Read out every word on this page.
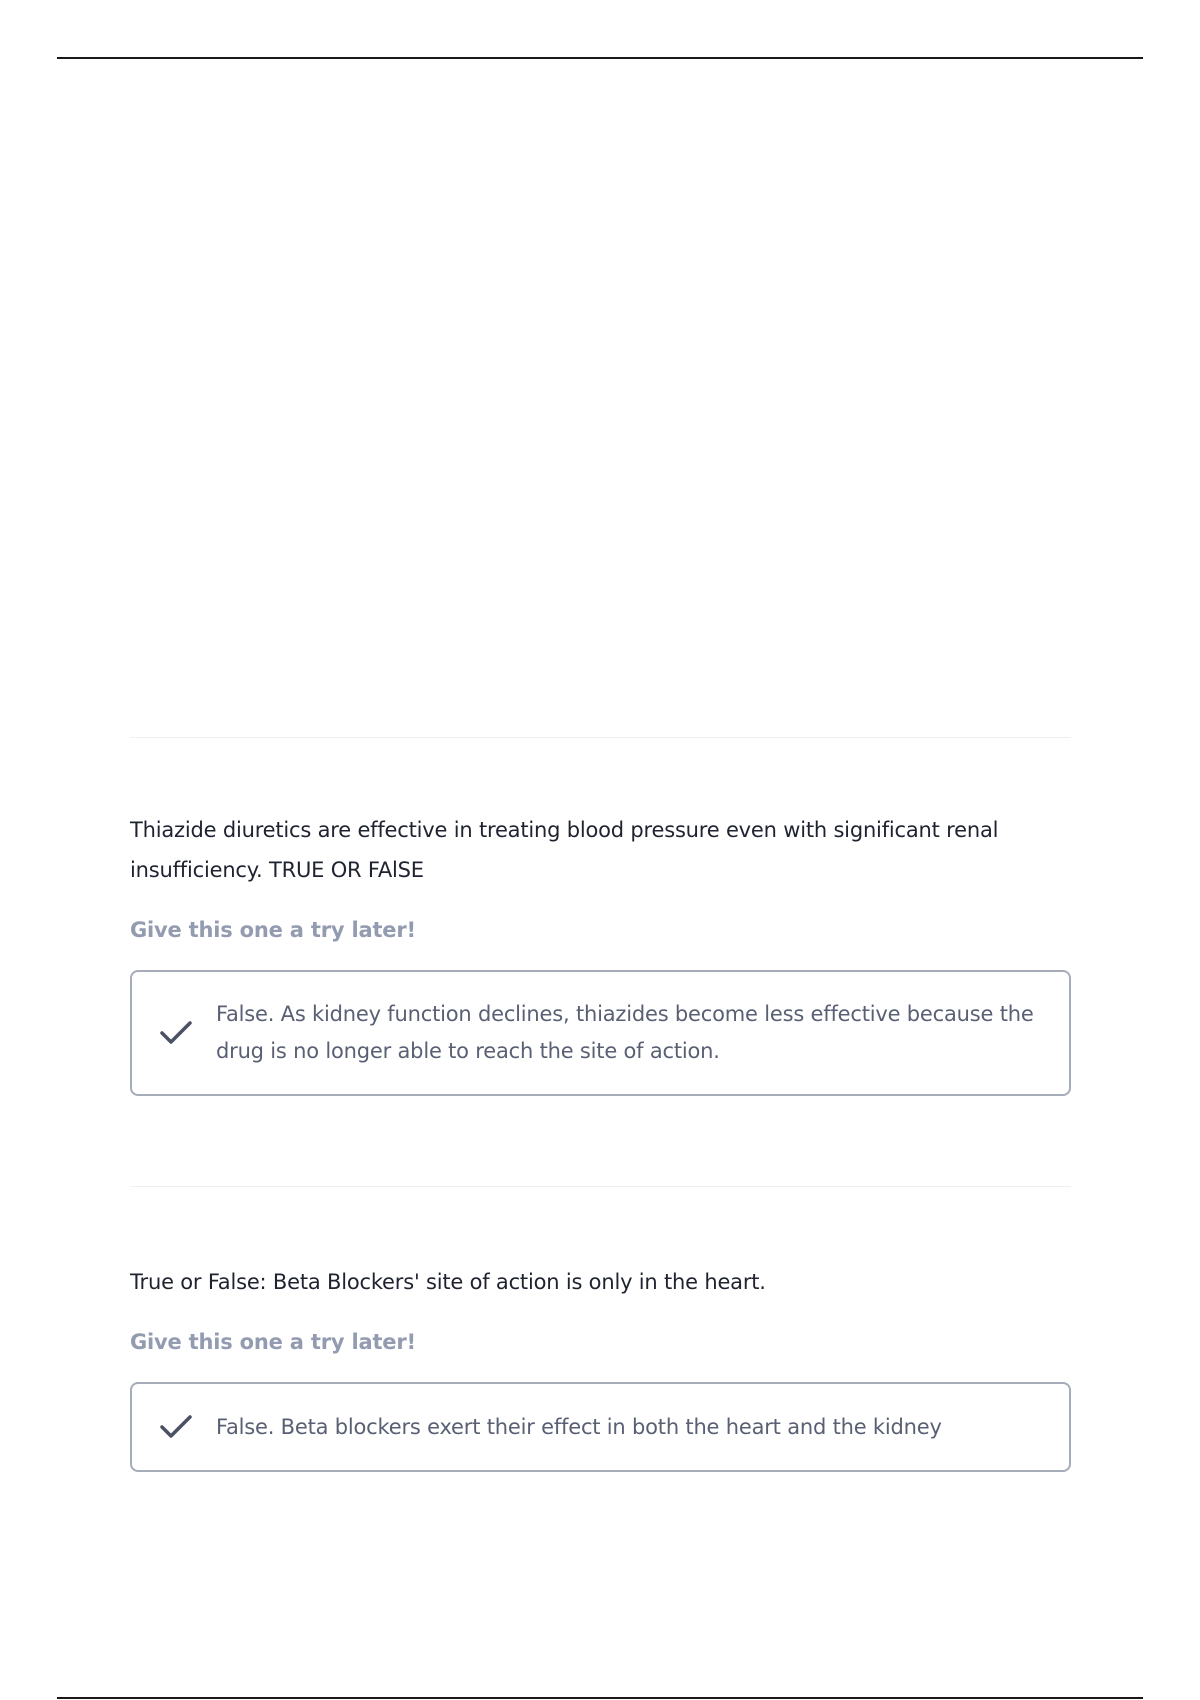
Thiazide diuretics are effective in treating blood pressure even with significant renal insufficiency. TRUE OR FAlSE

Give this one a try later!
False. As kidney function declines, thiazides become less effective because the drug is no longer able to reach the site of action.

True or False: Beta Blockers' site of action is only in the heart.

Give this one a try later!
False. Beta blockers exert their effect in both the heart and the kidney
